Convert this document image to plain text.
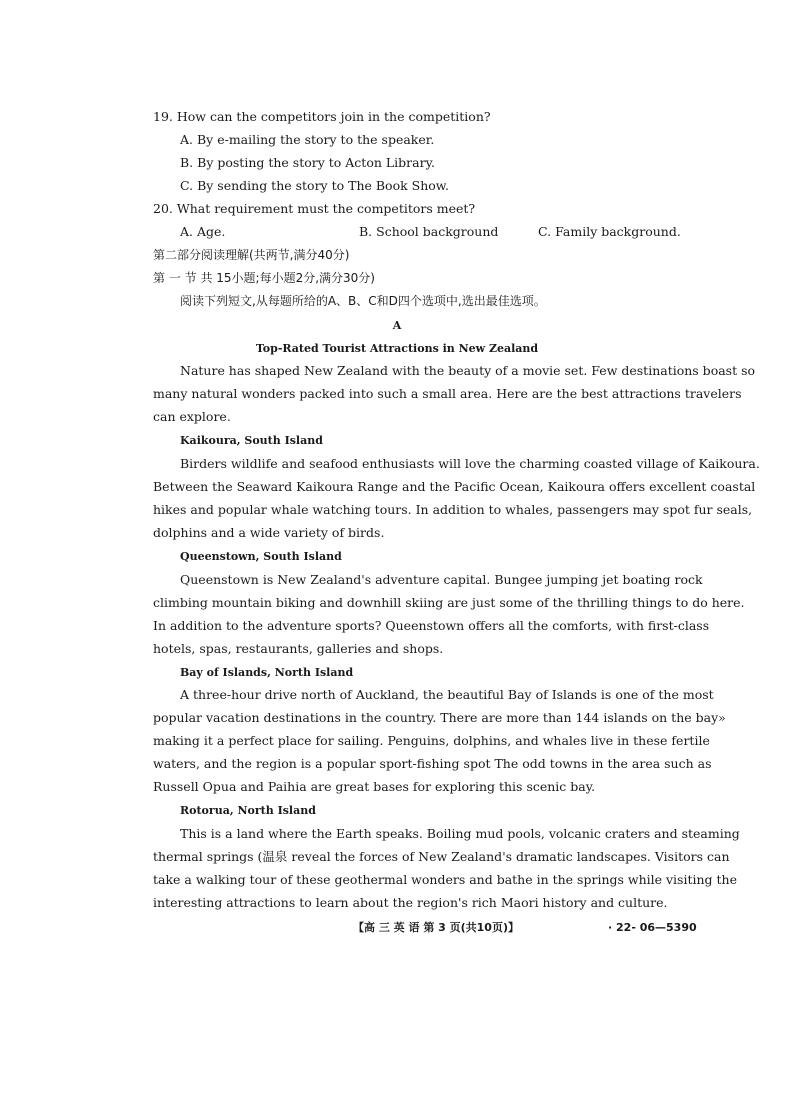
19. How can the competitors join in the competition?
A. By e-mailing the story to the speaker.
B. By posting the story to Acton Library.
C. By sending the story to The Book Show.
20. What requirement must the competitors meet?
A. Age.	B. School background	C. Family background.
第二部分阅读理解(共两节,满分40分)
第 一 节 共 15小题;每小题2分,满分30分)
阅读下列短文,从每题所给的A、B、C和D四个选项中,选出最佳选项。
A
Top-Rated Tourist Attractions in New Zealand
Nature has shaped New Zealand with the beauty of a movie set. Few destinations boast so
many natural wonders packed into such a small area. Here are the best attractions travelers
can explore.
Kaikoura, South Island
Birders wildlife and seafood enthusiasts will love the charming coasted village of Kaikoura.
Between the Seaward Kaikoura Range and the Pacific Ocean, Kaikoura offers excellent coastal
hikes and popular whale watching tours. In addition to whales, passengers may spot fur seals,
dolphins and a wide variety of birds.
Queenstown, South Island
Queenstown is New Zealand's adventure capital. Bungee jumping jet boating rock
climbing mountain biking and downhill skiing are just some of the thrilling things to do here.
In addition to the adventure sports? Queenstown offers all the comforts, with first-class
hotels, spas, restaurants, galleries and shops.
Bay of Islands, North Island
A three-hour drive north of Auckland, the beautiful Bay of Islands is one of the most
popular vacation destinations in the country. There are more than 144 islands on the bay»
making it a perfect place for sailing. Penguins, dolphins, and whales live in these fertile
waters, and the region is a popular sport-fishing spot The odd towns in the area such as
Russell Opua and Paihia are great bases for exploring this scenic bay.
Rotorua, North Island
This is a land where the Earth speaks. Boiling mud pools, volcanic craters and steaming
thermal springs (温泉 reveal the forces of New Zealand's dramatic landscapes. Visitors can
take a walking tour of these geothermal wonders and bathe in the springs while visiting the
interesting attractions to learn about the region's rich Maori history and culture.
【高 三 英 语 第 3 页(共10页)】	· 22- 06—5390
